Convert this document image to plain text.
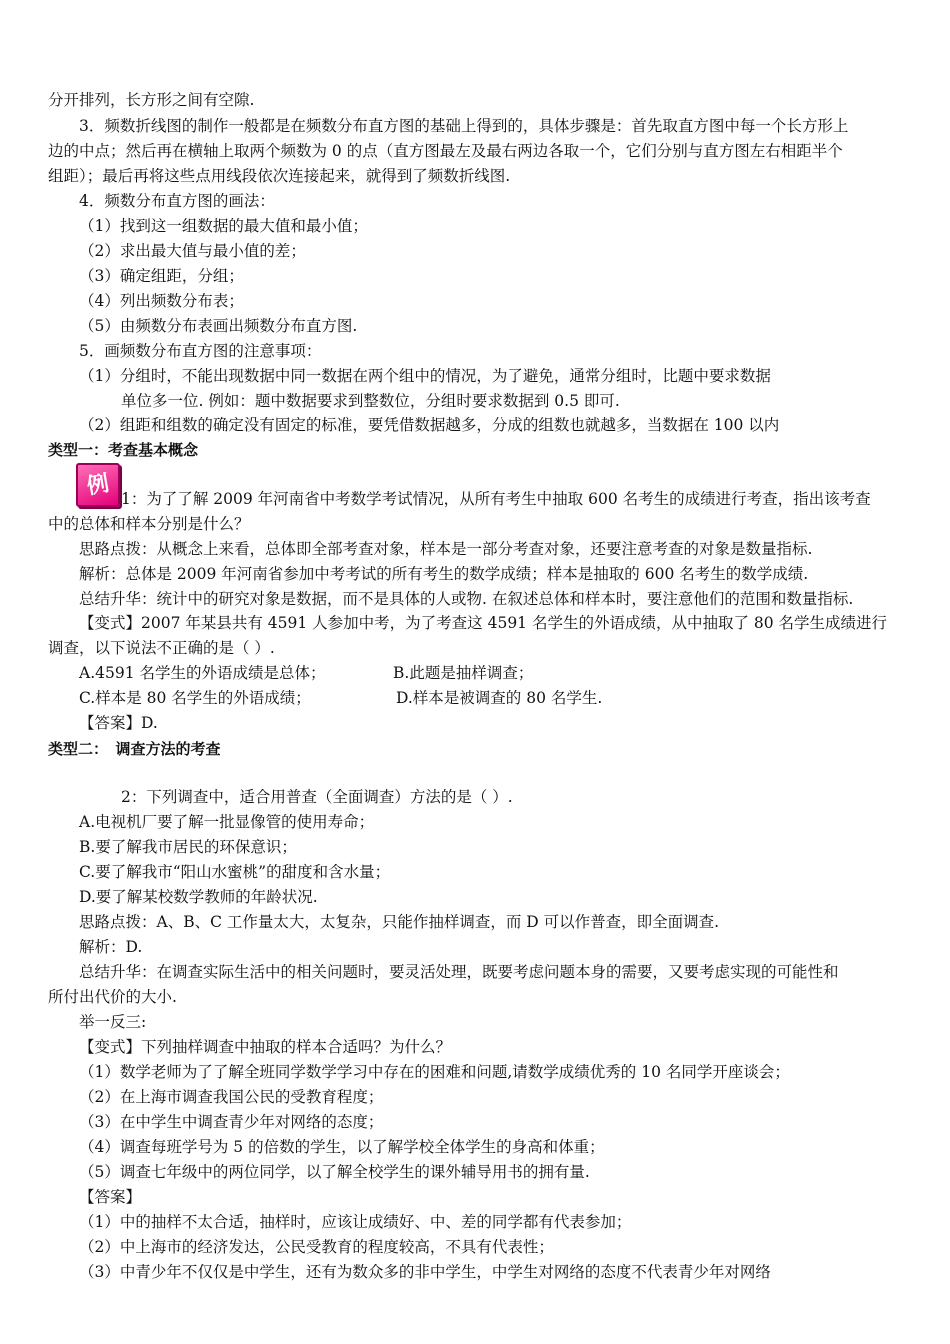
例
分开排列，长方形之间有空隙.
3．频数折线图的制作一般都是在频数分布直方图的基础上得到的，具体步骤是：首先取直方图中每一个长方形上
边的中点；然后再在横轴上取两个频数为 0 的点（直方图最左及最右两边各取一个，它们分别与直方图左右相距半个
组距）；最后再将这些点用线段依次连接起来，就得到了频数折线图.
4．频数分布直方图的画法：
（1）找到这一组数据的最大值和最小值；
（2）求出最大值与最小值的差；
（3）确定组距，分组；
（4）列出频数分布表；
（5）由频数分布表画出频数分布直方图.
5．画频数分布直方图的注意事项：
（1）分组时，不能出现数据中同一数据在两个组中的情况，为了避免，通常分组时，比题中要求数据
单位多一位. 例如：题中数据要求到整数位，分组时要求数据到 0.5 即可.
（2）组距和组数的确定没有固定的标准，要凭借数据越多，分成的组数也就越多，当数据在 100 以内
类型一：考查基本概念
1：为了了解 2009 年河南省中考数学考试情况，从所有考生中抽取 600 名考生的成绩进行考查，指出该考查
中的总体和样本分别是什么？
思路点拨：从概念上来看，总体即全部考查对象，样本是一部分考查对象，还要注意考查的对象是数量指标.
解析：总体是 2009 年河南省参加中考考试的所有考生的数学成绩；样本是抽取的 600 名考生的数学成绩.
总结升华：统计中的研究对象是数据，而不是具体的人或物. 在叙述总体和样本时，要注意他们的范围和数量指标.
【变式】2007 年某县共有 4591 人参加中考，为了考查这 4591 名学生的外语成绩，从中抽取了 80 名学生成绩进行
调查，以下说法不正确的是（ ）.
A.4591 名学生的外语成绩是总体；	B.此题是抽样调查；
C.样本是 80 名学生的外语成绩；	D.样本是被调查的 80 名学生.
【答案】D.
类型二：　调查方法的考查
2：下列调查中，适合用普查（全面调查）方法的是（ ）.
A.电视机厂要了解一批显像管的使用寿命；
B.要了解我市居民的环保意识；
C.要了解我市“阳山水蜜桃”的甜度和含水量；
D.要了解某校数学教师的年龄状况.
思路点拨：A、B、C 工作量太大，太复杂，只能作抽样调查，而 D 可以作普查，即全面调查.
解析：D.
总结升华：在调查实际生活中的相关问题时，要灵活处理，既要考虑问题本身的需要，又要考虑实现的可能性和
所付出代价的大小.
举一反三:
【变式】下列抽样调查中抽取的样本合适吗？为什么？
（1）数学老师为了了解全班同学数学学习中存在的困难和问题,请数学成绩优秀的 10 名同学开座谈会；
（2）在上海市调查我国公民的受教育程度；
（3）在中学生中调查青少年对网络的态度；
（4）调查每班学号为 5 的倍数的学生，以了解学校全体学生的身高和体重；
（5）调查七年级中的两位同学，以了解全校学生的课外辅导用书的拥有量.
【答案】
（1）中的抽样不太合适，抽样时，应该让成绩好、中、差的同学都有代表参加；
（2）中上海市的经济发达，公民受教育的程度较高，不具有代表性；
（3）中青少年不仅仅是中学生，还有为数众多的非中学生，中学生对网络的态度不代表青少年对网络
